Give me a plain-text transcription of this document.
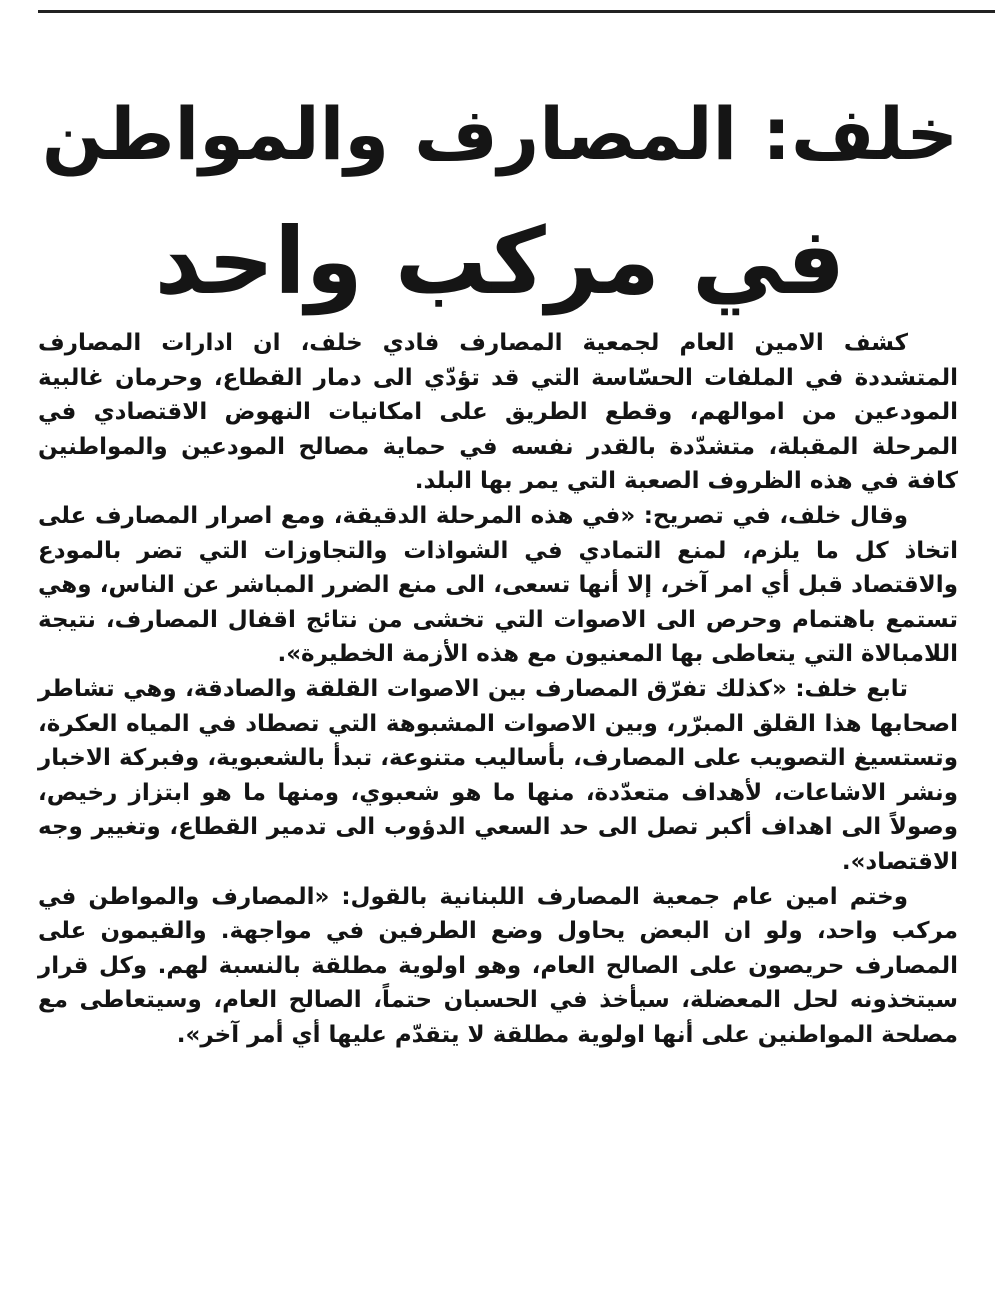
خلف: المصارف والمواطن
في مركب واحد

كشف الامين العام لجمعية المصارف فادي خلف، ان ادارات المصارف المتشددة في الملفات الحسّاسة التي قد تؤدّي الى دمار القطاع، وحرمان غالبية المودعين من اموالهم، وقطع الطريق على امكانيات النهوض الاقتصادي في المرحلة المقبلة، متشدّدة بالقدر نفسه في حماية مصالح المودعين والمواطنين كافة في هذه الظروف الصعبة التي يمر بها البلد.

وقال خلف، في تصريح: «في هذه المرحلة الدقيقة، ومع اصرار المصارف على اتخاذ كل ما يلزم، لمنع التمادي في الشواذات والتجاوزات التي تضر بالمودع والاقتصاد قبل أي امر آخر، إلا أنها تسعى، الى منع الضرر المباشر عن الناس، وهي تستمع باهتمام وحرص الى الاصوات التي تخشى من نتائج اقفال المصارف، نتيجة اللامبالاة التي يتعاطى بها المعنيون مع هذه الأزمة الخطيرة».

تابع خلف: «كذلك تفرّق المصارف بين الاصوات القلقة والصادقة، وهي تشاطر اصحابها هذا القلق المبرّر، وبين الاصوات المشبوهة التي تصطاد في المياه العكرة، وتستسيغ التصويب على المصارف، بأساليب متنوعة، تبدأ بالشعبوية، وفبركة الاخبار ونشر الاشاعات، لأهداف متعدّدة، منها ما هو شعبوي، ومنها ما هو ابتزاز رخيص، وصولاً الى اهداف أكبر تصل الى حد السعي الدؤوب الى تدمير القطاع، وتغيير وجه الاقتصاد».

وختم امين عام جمعية المصارف اللبنانية بالقول: «المصارف والمواطن في مركب واحد، ولو ان البعض يحاول وضع الطرفين في مواجهة. والقيمون على المصارف حريصون على الصالح العام، وهو اولوية مطلقة بالنسبة لهم. وكل قرار سيتخذونه لحل المعضلة، سيأخذ في الحسبان حتماً، الصالح العام، وسيتعاطى مع مصلحة المواطنين على أنها اولوية مطلقة لا يتقدّم عليها أي أمر آخر».
